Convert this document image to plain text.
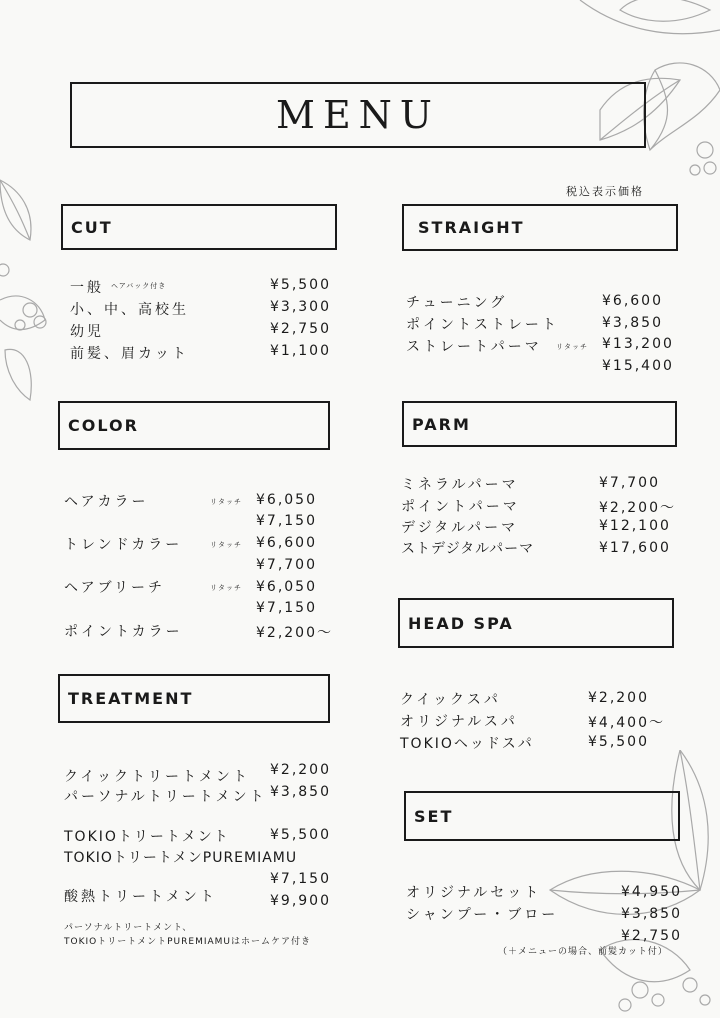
MENU
税込表示価格
CUT
一般 ヘアバック付き	¥5,500
小、中、高校生	¥3,300
幼児	¥2,750
前髪、眉カット	¥1,100
COLOR
ヘアカラー	リタッチ ¥6,050
¥7,150
トレンドカラー	リタッチ ¥6,600
¥7,700
ヘアブリーチ	リタッチ ¥6,050
¥7,150
ポイントカラー	¥2,200〜
TREATMENT
クイックトリートメント ¥2,200
パーソナルトリートメント ¥3,850
TOKIOトリートメント	¥5,500
TOKIOトリートメンPUREMIAMU
¥7,150
酸熱トリートメント	¥9,900
パーソナルトリートメント、
TOKIOトリートメントPUREMIAMUはホームケア付き
STRAIGHT
チューニング	¥6,600
ポイントストレート	¥3,850
ストレートパーマ リタッチ ¥13,200
¥15,400
PARM
ミネラルパーマ	¥7,700
ポイントパーマ	¥2,200〜
デジタルパーマ	¥12,100
ストデジタルパーマ	¥17,600
HEAD SPA
クイックスパ	¥2,200
オリジナルスパ	¥4,400〜
TOKIOヘッドスパ	¥5,500
SET
オリジナルセット	¥4,950
シャンプー・ブロー	¥3,850
¥2,750
（＋メニューの場合、前髪カット付）
